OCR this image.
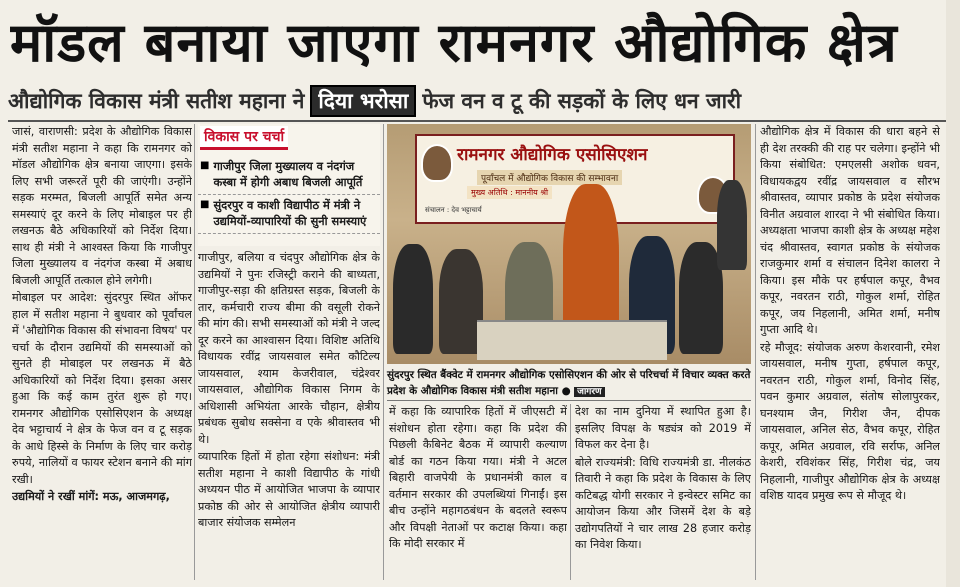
मॉडल बनाया जाएगा रामनगर औद्योगिक क्षेत्र
औद्योगिक विकास मंत्री सतीश महाना ने दिया भरोसा फेज वन व टू की सड़कों के लिए धन जारी

जासं, वाराणसी: प्रदेश के औद्योगिक विकास मंत्री सतीश महाना ने कहा कि रामनगर को मॉडल औद्योगिक क्षेत्र बनाया जाएगा। इसके लिए सभी जरूरतें पूरी की जाएंगी। उन्होंने सड़क मरम्मत, बिजली आपूर्ति समेत अन्य समस्याएं दूर करने के लिए मोबाइल पर ही लखनऊ बैठे अधिकारियों को निर्देश दिया। साथ ही मंत्री ने आश्वस्त किया कि गाजीपुर जिला मुख्यालय व नंदगंज कस्बा में अबाध बिजली आपूर्ति तत्काल होने लगेगी।

मोबाइल पर आदेश: सुंदरपुर स्थित ऑफर हाल में सतीश महाना ने बुधवार को पूर्वांचल में 'औद्योगिक विकास की संभावना विषय' पर चर्चा के दौरान उद्यमियों की समस्याओं को सुनते ही मोबाइल पर लखनऊ में बैठे अधिकारियों को निर्देश दिया। इसका असर हुआ कि कई काम तुरंत शुरू हो गए। रामनगर औद्योगिक एसोसिएशन के अध्यक्ष देव भट्टाचार्य ने क्षेत्र के फेज वन व टू सड़क के आधे हिस्से के निर्माण के लिए चार करोड़ रुपये, नालियों व फायर स्टेशन बनाने की मांग रखी।

उद्यमियों ने रखीं मांगें: मऊ, आजमगढ़,

विकास पर चर्चा
■ गाजीपुर जिला मुख्यालय व नंदगंज कस्बा में होगी अबाध बिजली आपूर्ति
■ सुंदरपुर व काशी विद्यापीठ में मंत्री ने उद्यमियों-व्यापारियों की सुनी समस्याएं

गाजीपुर, बलिया व चंदपुर औद्योगिक क्षेत्र के उद्यमियों ने पुनः रजिस्ट्री कराने की बाध्यता, गाजीपुर-सड़ा की क्षतिग्रस्त सड़क, बिजली के तार, कर्मचारी राज्य बीमा की वसूली रोकने की मांग की। सभी समस्याओं को मंत्री ने जल्द दूर करने का आश्वासन दिया। विशिष्ट अतिथि विधायक रवींद्र जायसवाल समेत कौटिल्य जायसवाल, श्याम केजरीवाल, चंद्रेश्वर जायसवाल, औद्योगिक विकास निगम के अधिशासी अभियंता आरके चौहान, क्षेत्रीय प्रबंधक सुबोध सक्सेना व एके श्रीवास्तव भी थे।

व्यापारिक हितों में होता रहेगा संशोधन: मंत्री सतीश महाना ने काशी विद्यापीठ के गांधी अध्ययन पीठ में आयोजित भाजपा के व्यापार प्रकोष्ठ की ओर से आयोजित क्षेत्रीय व्यापारी बाजार संयोजक सम्मेलन

रामनगर औद्योगिक एसोसिएशन
पूर्वांचल में औद्योगिक विकास की सम्भावना
मुख्य अतिथि : माननीय श्री
संचालन : देव भट्टाचार्य
सुंदरपुर स्थित बैंक्वेट में रामनगर औद्योगिक एसोसिएशन की ओर से परिचर्चा में विचार व्यक्त करते प्रदेश के औद्योगिक विकास मंत्री सतीश महाना ● जागरण

में कहा कि व्यापारिक हितों में जीएसटी में संशोधन होता रहेगा। कहा कि प्रदेश की पिछली कैबिनेट बैठक में व्यापारी कल्याण बोर्ड का गठन किया गया। मंत्री ने अटल बिहारी वाजपेयी के प्रधानमंत्री काल व वर्तमान सरकार की उपलब्धियां गिनाईं। इस बीच उन्होंने महागठबंधन के बदलते स्वरूप और विपक्षी नेताओं पर कटाक्ष किया। कहा कि मोदी सरकार में

देश का नाम दुनिया में स्थापित हुआ है। इसलिए विपक्ष के षड्यंत्र को 2019 में विफल कर देना है।

बोले राज्यमंत्री: विधि राज्यमंत्री डा. नीलकंठ तिवारी ने कहा कि प्रदेश के विकास के लिए कटिबद्ध योगी सरकार ने इन्वेस्टर समिट का आयोजन किया और जिसमें देश के बड़े उद्योगपतियों ने चार लाख 28 हजार करोड़ का निवेश किया।

औद्योगिक क्षेत्र में विकास की धारा बहने से ही देश तरक्की की राह पर चलेगा। इन्होंने भी किया संबोधित: एमएलसी अशोक धवन, विधायकद्वय रवींद्र जायसवाल व सौरभ श्रीवास्तव, व्यापार प्रकोष्ठ के प्रदेश संयोजक विनीत अग्रवाल शारदा ने भी संबोधित किया। अध्यक्षता भाजपा काशी क्षेत्र के अध्यक्ष महेश चंद श्रीवास्तव, स्वागत प्रकोष्ठ के संयोजक राजकुमार शर्मा व संचालन दिनेश कालरा ने किया। इस मौके पर हर्षपाल कपूर, वैभव कपूर, नवरतन राठी, गोकुल शर्मा, रोहित कपूर, जय निहलानी, अमित शर्मा, मनीष गुप्ता आदि थे।

रहे मौजूद: संयोजक अरुण केशरवानी, रमेश जायसवाल, मनीष गुप्ता, हर्षपाल कपूर, नवरतन राठी, गोकुल शर्मा, विनोद सिंह, पवन कुमार अग्रवाल, संतोष सोलापुरकर, घनश्याम जैन, गिरीश जैन, दीपक जायसवाल, अनिल सेठ, वैभव कपूर, रोहित कपूर, अमित अग्रवाल, रवि सर्राफ, अनिल केशरी, रविशंकर सिंह, गिरीश चंद्र, जय निहलानी, गाजीपुर औद्योगिक क्षेत्र के अध्यक्ष वशिष्ठ यादव प्रमुख रूप से मौजूद थे।
